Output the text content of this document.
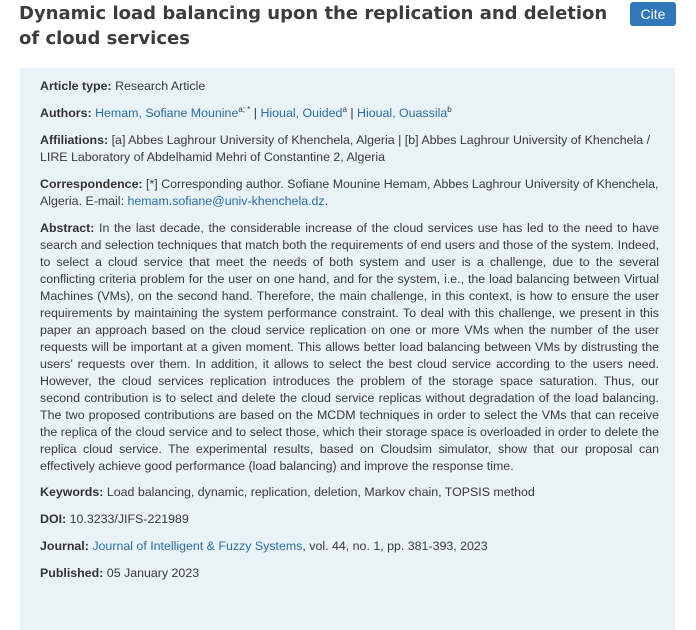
Dynamic load balancing upon the replication and deletion of cloud services
Cite
Article type: Research Article
Authors: Hemam, Sofiane Mounine$^{a; *}$ | Hioual, Ouided$^a$ | Hioual, Ouassila$^b$
Affiliations: [a] Abbes Laghrour University of Khenchela, Algeria | [b] Abbes Laghrour University of Khenchela / LIRE Laboratory of Abdelhamid Mehri of Constantine 2, Algeria
Correspondence: [*] Corresponding author. Sofiane Mounine Hemam, Abbes Laghrour University of Khenchela, Algeria. E-mail: hemam.sofiane@univ-khenchela.dz.
Abstract: In the last decade, the considerable increase of the cloud services use has led to the need to have search and selection techniques that match both the requirements of end users and those of the system. Indeed, to select a cloud service that meet the needs of both system and user is a challenge, due to the several conflicting criteria problem for the user on one hand, and for the system, i.e., the load balancing between Virtual Machines (VMs), on the second hand. Therefore, the main challenge, in this context, is how to ensure the user requirements by maintaining the system performance constraint. To deal with this challenge, we present in this paper an approach based on the cloud service replication on one or more VMs when the number of the user requests will be important at a given moment. This allows better load balancing between VMs by distrusting the users’ requests over them. In addition, it allows to select the best cloud service according to the users need. However, the cloud services replication introduces the problem of the storage space saturation. Thus, our second contribution is to select and delete the cloud service replicas without degradation of the load balancing. The two proposed contributions are based on the MCDM techniques in order to select the VMs that can receive the replica of the cloud service and to select those, which their storage space is overloaded in order to delete the replica cloud service. The experimental results, based on Cloudsim simulator, show that our proposal can effectively achieve good performance (load balancing) and improve the response time.
Keywords: Load balancing, dynamic, replication, deletion, Markov chain, TOPSIS method
DOI: 10.3233/JIFS-221989
Journal: Journal of Intelligent & Fuzzy Systems, vol. 44, no. 1, pp. 381-393, 2023
Published: 05 January 2023
